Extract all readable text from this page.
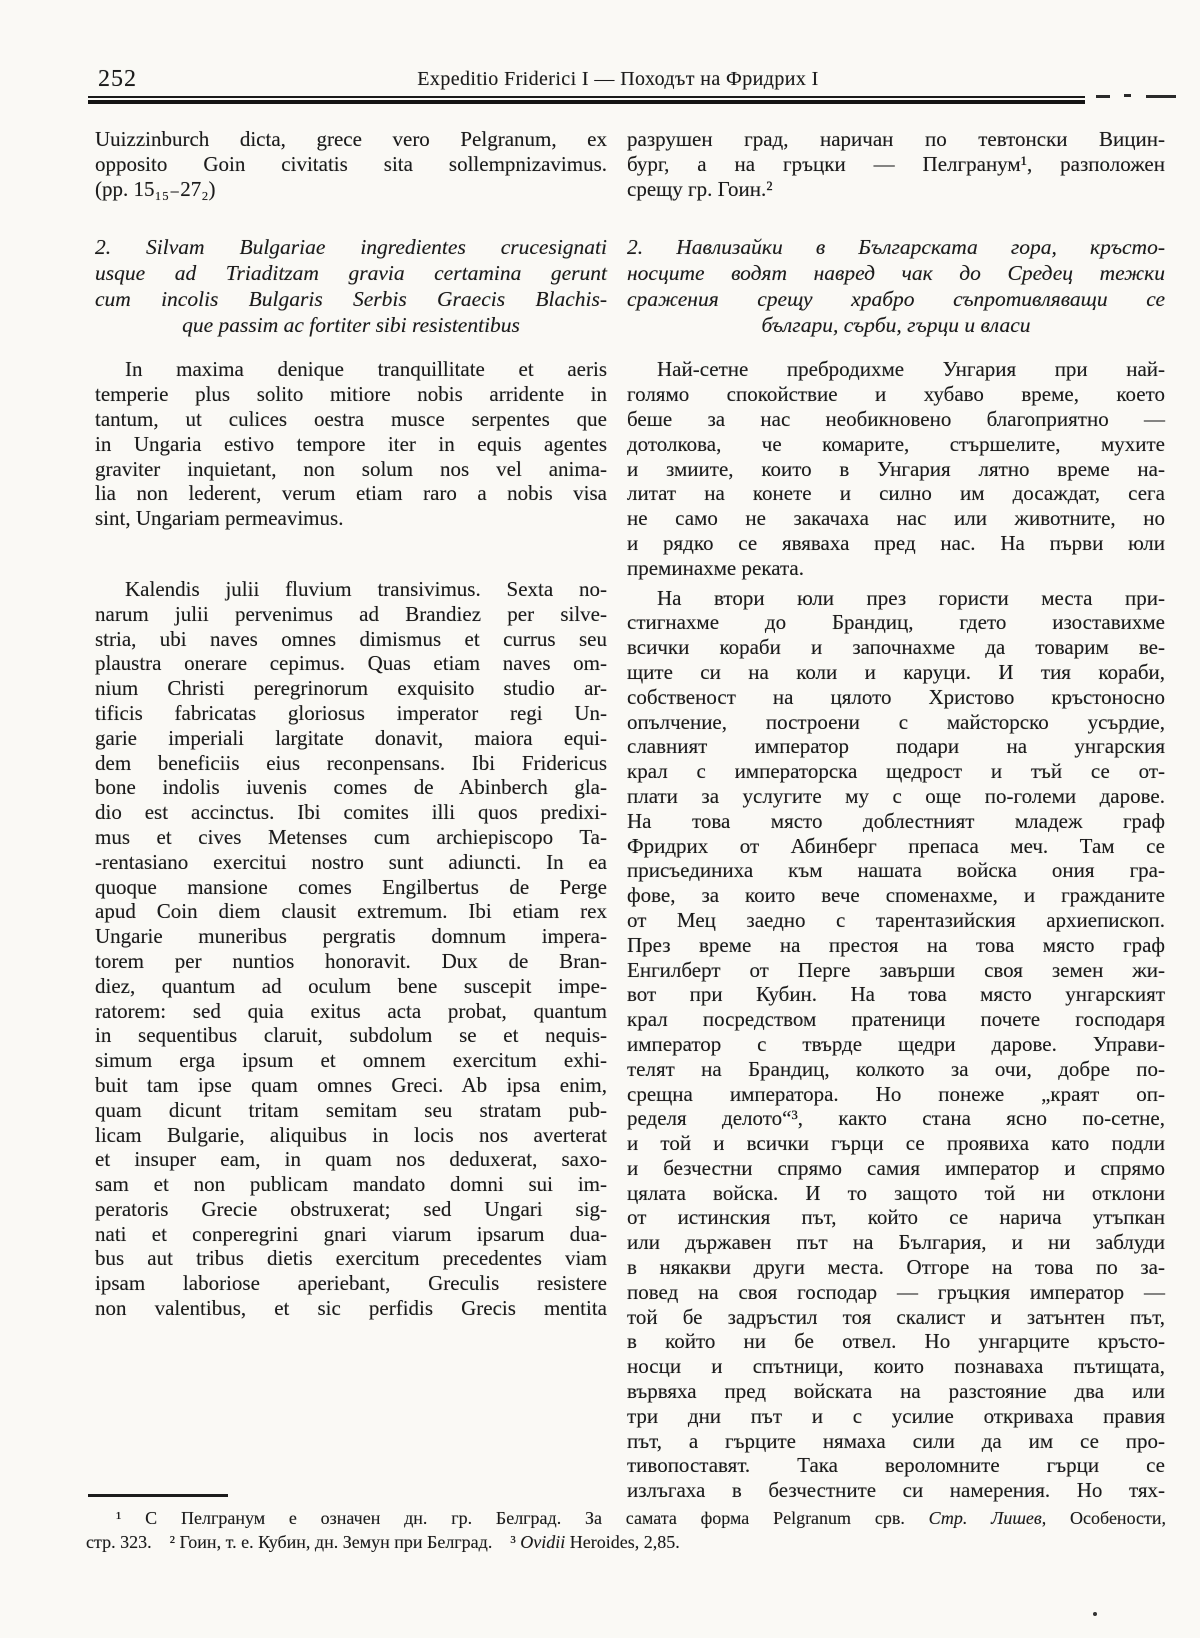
252	Expeditio Friderici I — Походът на Фридрих I
Uuizzinburch dicta, grece vero Pelgranum, ex
opposito Goin civitatis sita sollempnizavimus.
(pp. 15₁₅₋27₂)
2. Silvam Bulgariae ingredientes crucesignati
usque ad Triaditzam gravia certamina gerunt
cum incolis Bulgaris Serbis Graecis Blachis-
que passim ac fortiter sibi resistentibus
In maxima denique tranquillitate et aeris
temperie plus solito mitiore nobis arridente in
tantum, ut culices oestra musce serpentes que
in Ungaria estivo tempore iter in equis agentes
graviter inquietant, non solum nos vel anima-
lia non lederent, verum etiam raro a nobis visa
sint, Ungariam permeavimus.
Kalendis julii fluvium transivimus. Sexta no-
narum julii pervenimus ad Brandiez per silve-
stria, ubi naves omnes dimismus et currus seu
plaustra onerare cepimus. Quas etiam naves om-
nium Christi peregrinorum exquisito studio ar-
tificis fabricatas gloriosus imperator regi Un-
garie imperiali largitate donavit, maiora equi-
dem beneficiis eius reconpensans. Ibi Fridericus
bone indolis iuvenis comes de Abinberch gla-
dio est accinctus. Ibi comites illi quos predixi-
mus et cives Metenses cum archiepiscopo Ta-
-rentasiano exercitui nostro sunt adiuncti. In ea
quoque mansione comes Engilbertus de Perge
apud Coin diem clausit extremum. Ibi etiam rex
Ungarie muneribus pergratis domnum impera-
torem per nuntios honoravit. Dux de Bran-
diez, quantum ad oculum bene suscepit impe-
ratorem: sed quia exitus acta probat, quantum
in sequentibus claruit, subdolum se et nequis-
simum erga ipsum et omnem exercitum exhi-
buit tam ipse quam omnes Greci. Ab ipsa enim,
quam dicunt tritam semitam seu stratam pub-
licam Bulgarie, aliquibus in locis nos averterat
et insuper eam, in quam nos deduxerat, saxo-
sam et non publicam mandato domni sui im-
peratoris Grecie obstruxerat; sed Ungari sig-
nati et conperegrini gnari viarum ipsarum dua-
bus aut tribus dietis exercitum precedentes viam
ipsam laboriose aperiebant, Greculis resistere
non valentibus, et sic perfidis Grecis mentita
разрушен град, наричан по тевтонски Вицин-
бург, а на гръцки — Пелгранум¹, разположен
срещу гр. Гоин.²
2. Навлизайки в Българската гора, кръсто-
носците водят навред чак до Средец тежки
сражения срещу храбро съпротивляващи се
българи, сърби, гърци и власи
Най-сетне пребродихме Унгария при най-
голямо спокойствие и хубаво време, което
беше за нас необикновено благоприятно —
дотолкова, че комарите, стършелите, мухите
и змиите, които в Унгария лятно време на-
литат на конете и силно им досаждат, сега
не само не закачаха нас или животните, но
и рядко се явяваха пред нас. На първи юли
преминахме реката.
На втори юли през гористи места при-
стигнахме до Брандиц, гдето изоставихме
всички кораби и започнахме да товарим ве-
щите си на коли и каруци. И тия кораби,
собственост на цялото Христово кръстоносно
опълчение, построени с майсторско усърдие,
славният император подари на унгарския
крал с императорска щедрост и тъй се от-
плати за услугите му с още по-големи дарове.
На това място доблестният младеж граф
Фридрих от Абинберг препаса меч. Там се
присъединиха към нашата войска ония гра-
фове, за които вече споменахме, и гражданите
от Мец заедно с тарентазийския архиепископ.
През време на престоя на това място граф
Енгилберт от Перге завърши своя земен жи-
вот при Кубин. На това място унгарският
крал посредством пратеници почете господаря
император с твърде щедри дарове. Управи-
телят на Брандиц, колкото за очи, добре по-
срещна императора. Но понеже „краят оп-
ределя делото“³, както стана ясно по-сетне,
и той и всички гърци се проявиха като подли
и безчестни спрямо самия император и спрямо
цялата войска. И то защото той ни отклони
от истинския път, който се нарича утъпкан
или държавен път на България, и ни заблуди
в някакви други места. Отгоре на това по за-
повед на своя господар — гръцкия император —
той бе задръстил тоя скалист и затънтен път,
в който ни бе отвел. Но унгарците кръсто-
носци и спътници, които познаваха пътищата,
вървяха пред войската на разстояние два или
три дни път и с усилие откриваха правия
път, а гърците нямаха сили да им се про-
тивопоставят. Така вероломните гърци се
излъгаха в безчестните си намерения. Но тях-
¹ С Пелгранум е означен дн. гр. Белград. За самата форма Pelgranum срв. Стр. Лишев, Особености,
стр. 323. ² Гоин, т. е. Кубин, дн. Земун при Белград. ³ Ovidii Heroides, 2,85.
